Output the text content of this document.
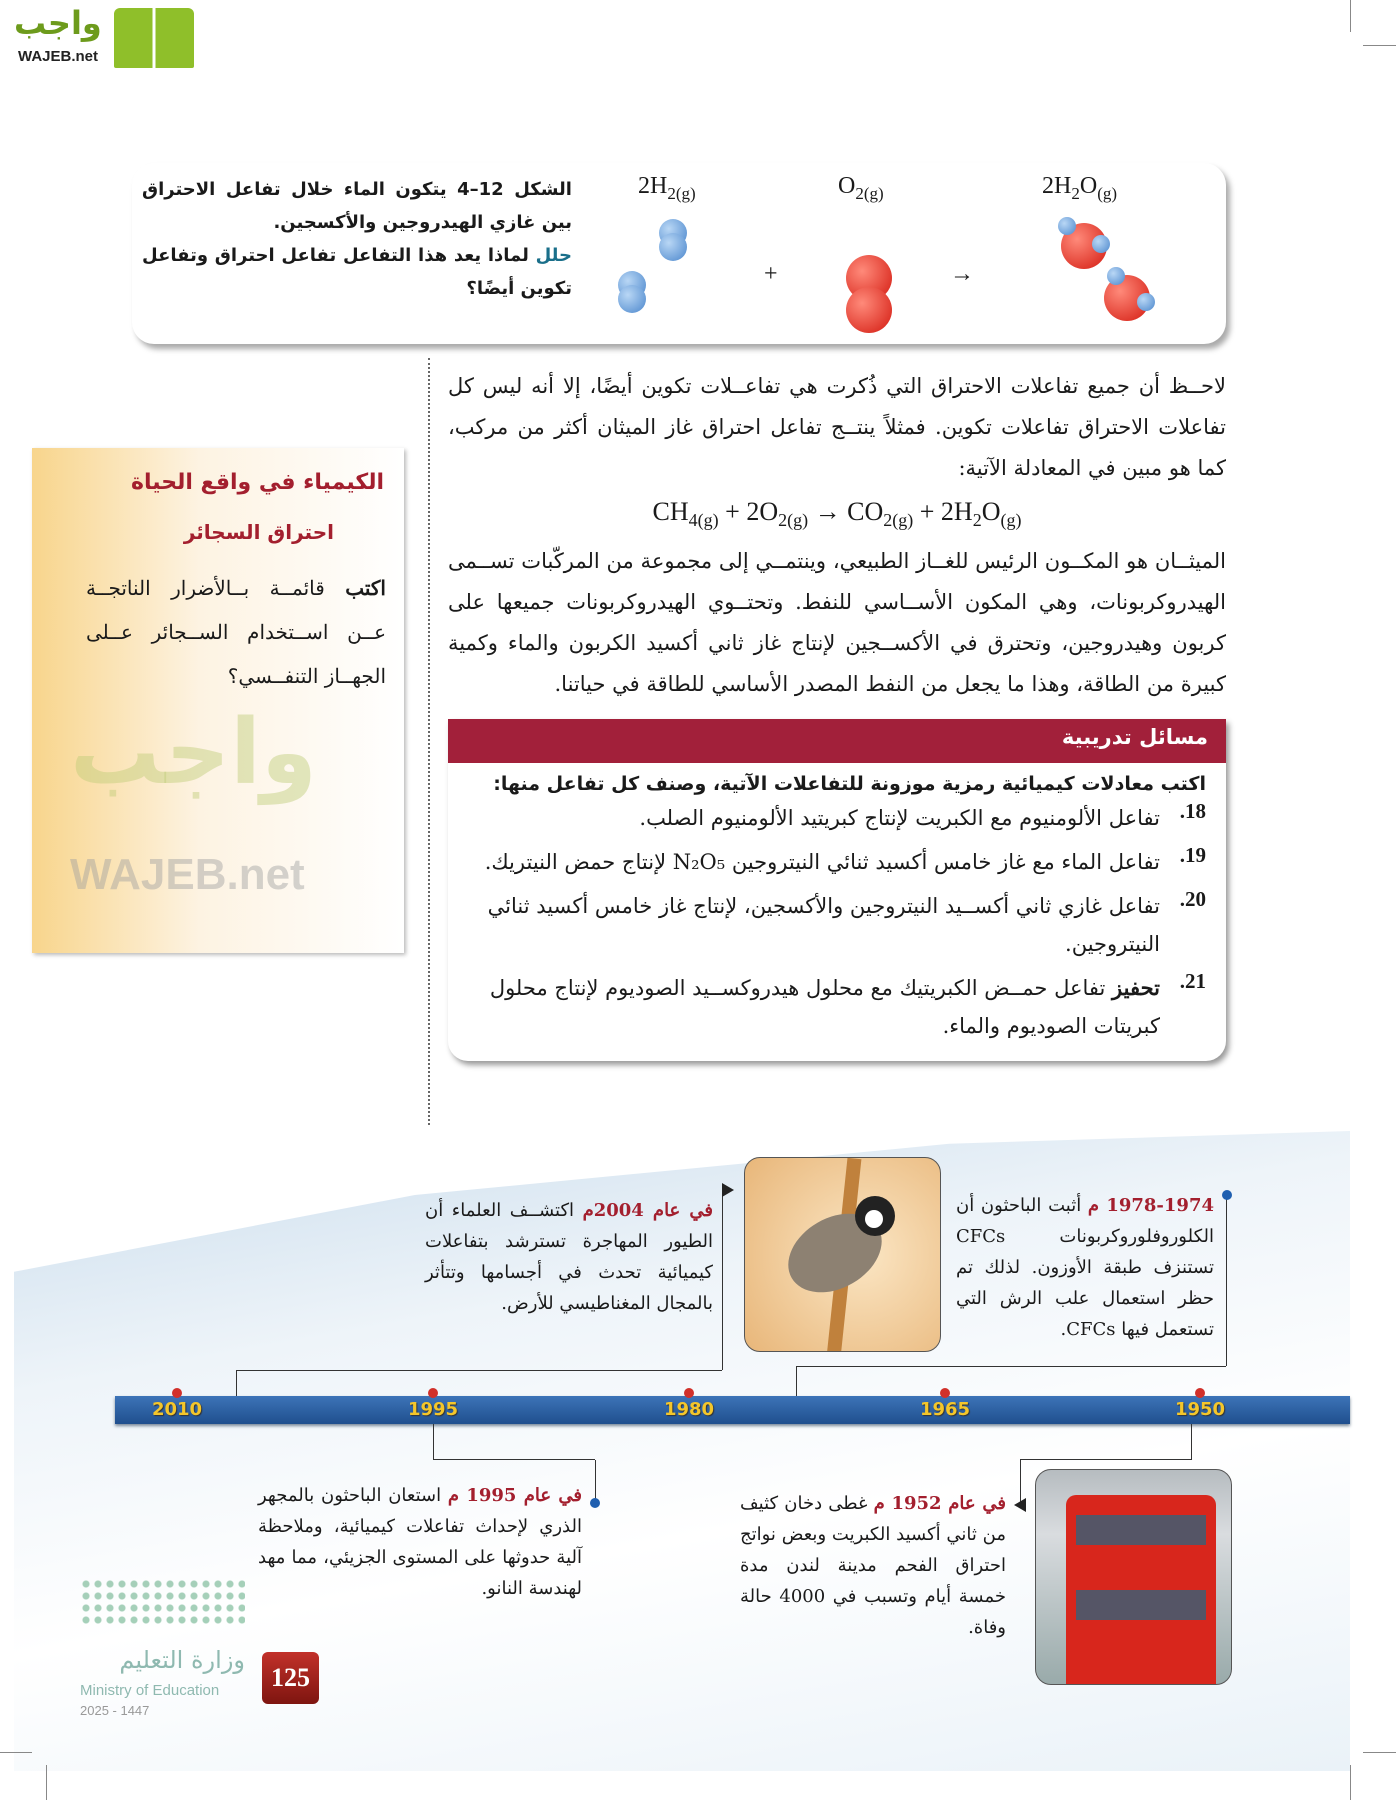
واجب
WAJEB.net
الشكل 12–4 يتكون الماء خلال تفاعل الاحتراق بين غازي الهيدروجين والأكسجين.
حلل لماذا يعد هذا التفاعل تفاعل احتراق وتفاعل تكوين أيضًا؟
$2H_{2(g)}$	$O_{2(g)}$	$2H_2O_{(g)}$
+	→
لاحــظ أن جميع تفاعلات الاحتراق التي ذُكرت هي تفاعــلات تكوين أيضًا، إلا أنه ليس كل تفاعلات الاحتراق تفاعلات تكوين. فمثلاً ينتــج تفاعل احتراق غاز الميثان أكثر من مركب، كما هو مبين في المعادلة الآتية:
$CH_{4(g)} + 2O_{2(g)} \to CO_{2(g)} + 2H_2O_{(g)}$
الميثــان هو المكــون الرئيس للغــاز الطبيعي، وينتمــي إلى مجموعة من المركّبات تســمى الهيدروكربونات، وهي المكون الأســاسي للنفط. وتحتــوي الهيدروكربونات جميعها على كربون وهيدروجين، وتحترق في الأكســجين لإنتاج غاز ثاني أكسيد الكربون والماء وكمية كبيرة من الطاقة، وهذا ما يجعل من النفط المصدر الأساسي للطاقة في حياتنا.
مسائل تدريبية
اكتب معادلات كيميائية رمزية موزونة للتفاعلات الآتية، وصنف كل تفاعل منها:
18.
تفاعل الألومنيوم مع الكبريت لإنتاج كبريتيد الألومنيوم الصلب.
19.
تفاعل الماء مع غاز خامس أكسيد ثنائي النيتروجين N₂O₅ لإنتاج حمض النيتريك.
20.
تفاعل غازي ثاني أكســيد النيتروجين والأكسجين، لإنتاج غاز خامس أكسيد ثنائي النيتروجين.
21.
تحفيز تفاعل حمــض الكبريتيك مع محلول هيدروكســيد الصوديوم لإنتاج محلول كبريتات الصوديوم والماء.
الكيمياء في واقع الحياة
احتراق السجائر

اكتب قائمــة بــالأضرار الناتجــة عــن اســتخدام الســجائر عــلى الجهــاز التنفــسي؟

واجب
WAJEB.net
2010	1995	1980	1965	1950
1978-1974 م أثبت الباحثون أن الكلوروفلوروكربونات CFCs تستنزف طبقة الأوزون. لذلك تم حظر استعمال علب الرش التي تستعمل فيها CFCs.
في عام 2004م اكتشــف العلماء أن الطيور المهاجرة تسترشد بتفاعلات كيميائية تحدث في أجسامها وتتأثر بالمجال المغناطيسي للأرض.
في عام 1995 م استعان الباحثون بالمجهر الذري لإحداث تفاعلات كيميائية، وملاحظة آلية حدوثها على المستوى الجزيئي، مما مهد لهندسة النانو.
في عام 1952 م غطى دخان كثيف من ثاني أكسيد الكبريت وبعض نواتج احتراق الفحم مدينة لندن مدة خمسة أيام وتسبب في 4000 حالة وفاة.
وزارة التعليم
Ministry of Education
2025 - 1447
125
